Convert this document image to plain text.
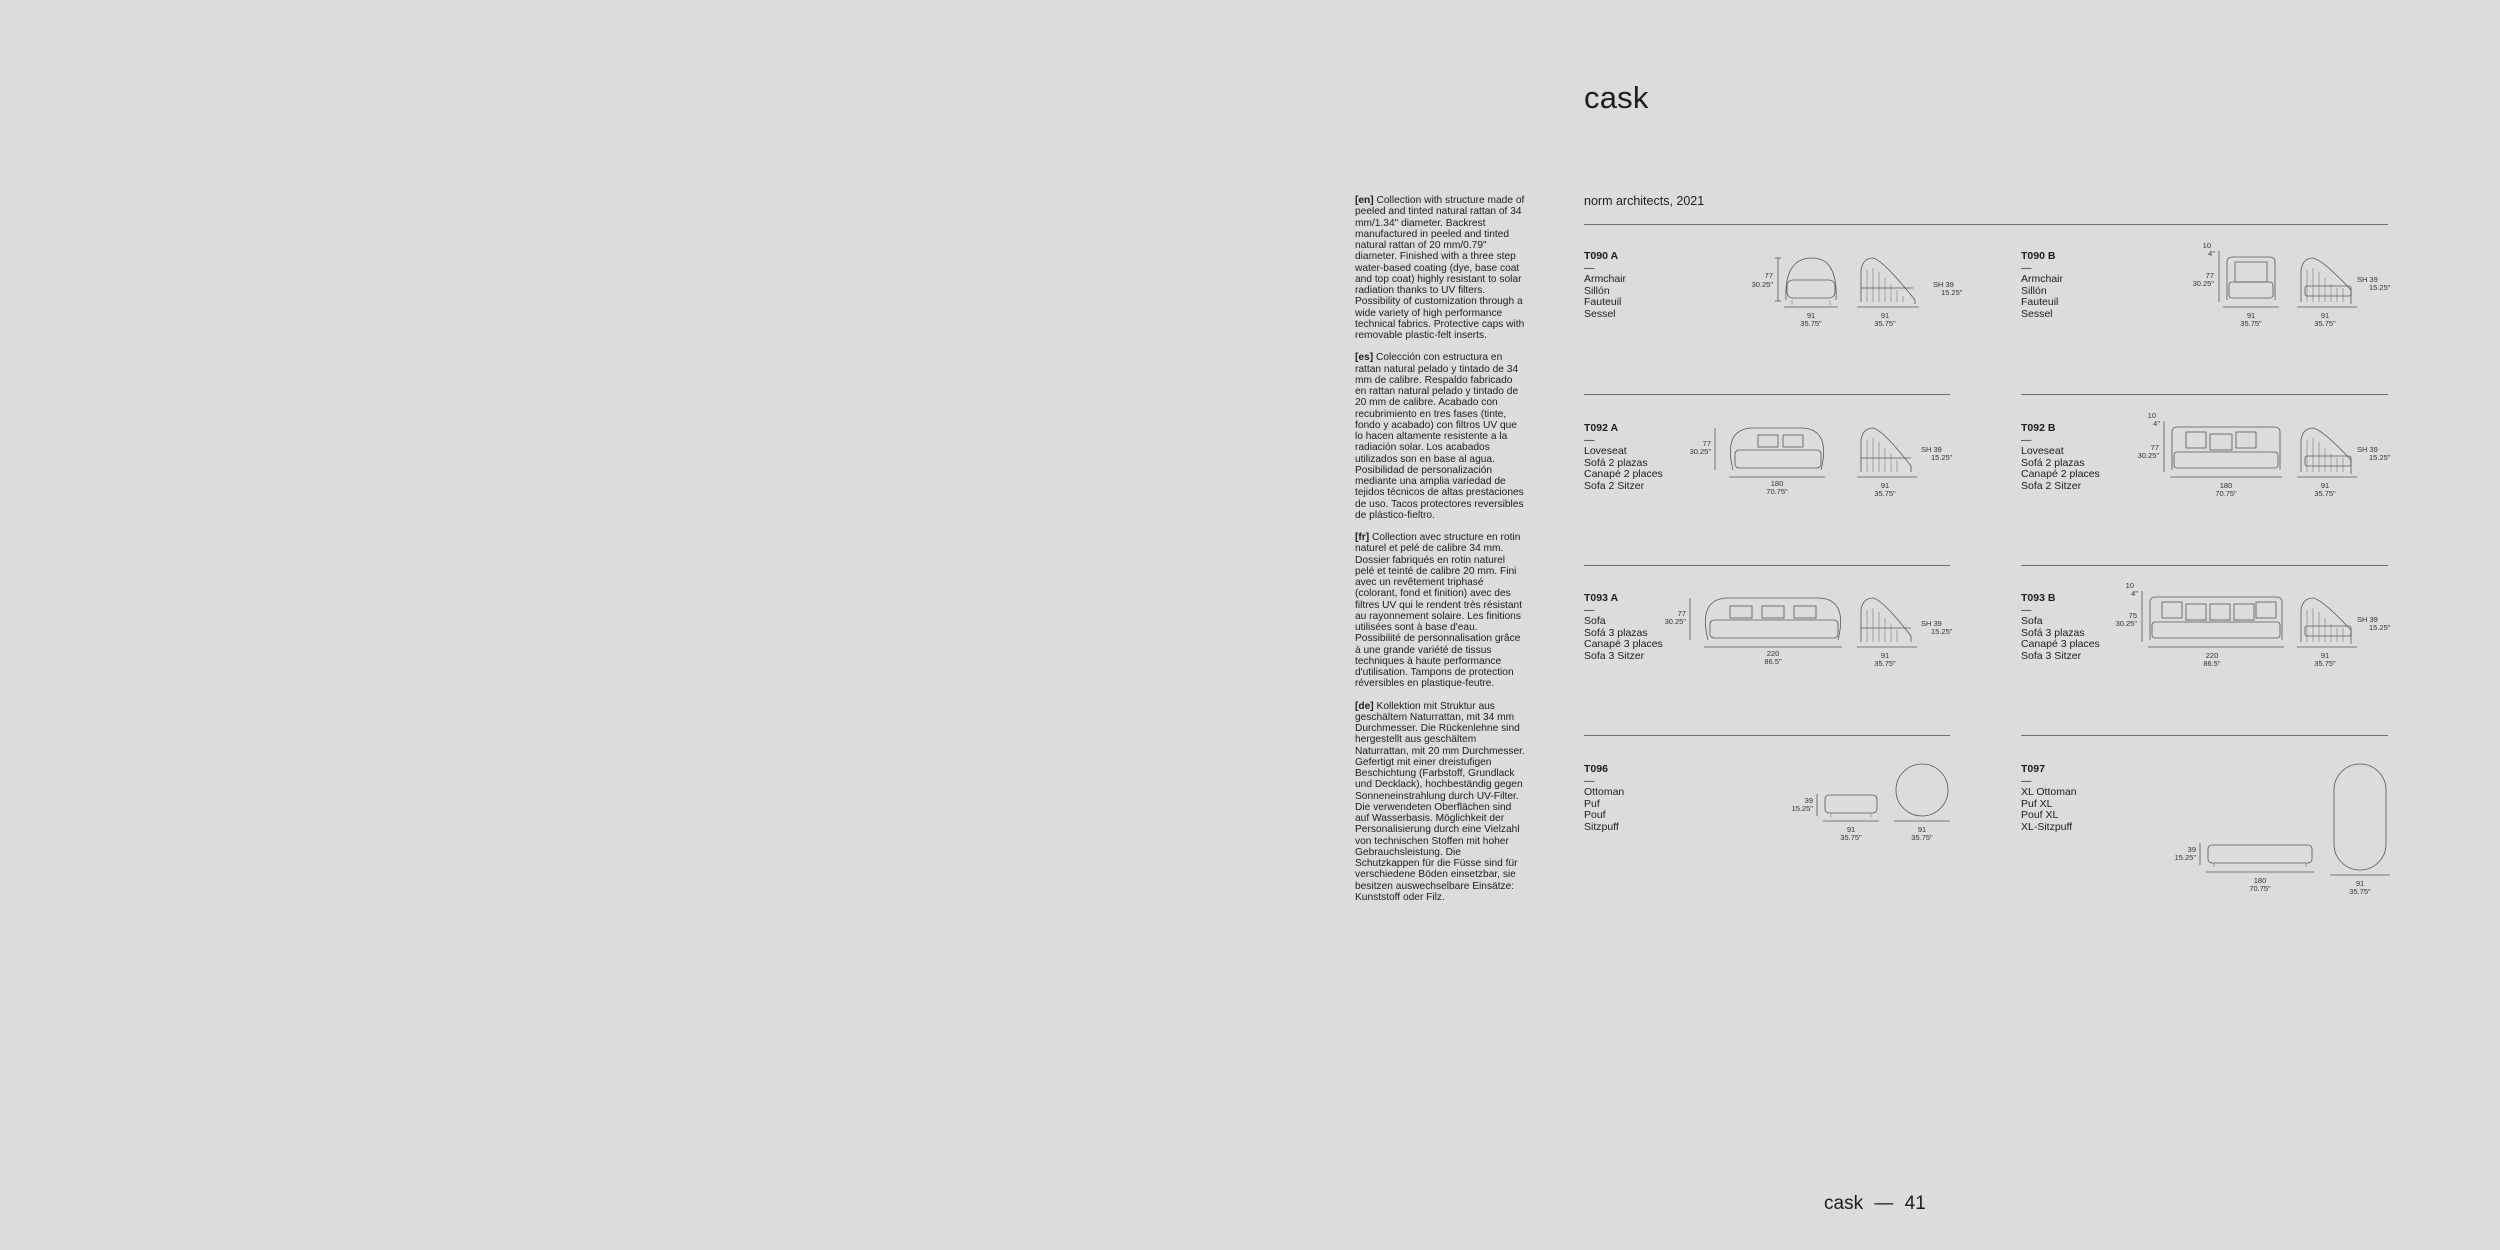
cask
norm architects, 2021

[en] Collection with structure made of peeled and tinted natural rattan of 34 mm/1.34" diameter. Backrest manufactured in peeled and tinted natural rattan of 20 mm/0.79" diameter. Finished with a three step water-based coating (dye, base coat and top coat) highly resistant to solar radiation thanks to UV filters. Possibility of customization through a wide variety of high performance technical fabrics. Protective caps with removable plastic-felt inserts.

[es] Colección con estructura en rattan natural pelado y tintado de 34 mm de calibre. Respaldo fabricado en rattan natural pelado y tintado de 20 mm de calibre. Acabado con recubrimiento en tres fases (tinte, fondo y acabado) con filtros UV que lo hacen altamente resistente a la radiación solar. Los acabados utilizados son en base al agua. Posibilidad de personalización mediante una amplia variedad de tejidos técnicos de altas prestaciones de uso. Tacos protectores reversibles de plástico-fieltro.

[fr] Collection avec structure en rotin naturel et pelé de calibre 34 mm. Dossier fabriqués en rotin naturel pelé et teinté de calibre 20 mm. Fini avec un revêtement triphasé (colorant, fond et finition) avec des filtres UV qui le rendent très résistant au rayonnement solaire. Les finitions utilisées sont à base d'eau. Possibilité de personnalisation grâce à une grande variété de tissus techniques à haute performance d'utilisation. Tampons de protection réversibles en plastique-feutre.

[de] Kollektion mit Struktur aus geschältem Naturrattan, mit 34 mm Durchmesser. Die Rückenlehne sind hergestellt aus geschältem Naturrattan, mit 20 mm Durchmesser. Gefertigt mit einer dreistufigen Beschichtung (Farbstoff, Grundlack und Decklack), hochbeständig gegen Sonneneinstrahlung durch UV-Filter. Die verwendeten Oberflächen sind auf Wasserbasis. Möglichkeit der Personalisierung durch eine Vielzahl von technischen Stoffen mit hoher Gebrauchsleistung. Die Schutzkappen für die Füsse sind für verschiedene Böden einsetzbar, sie besitzen auswechselbare Einsätze: Kunststoff oder Filz.

T090 A
—
Armchair
Sillón
Fauteuil
Sessel
T090 B
—
Armchair
Sillón
Fauteuil
Sessel
T092 A
—
Loveseat
Sofá 2 plazas
Canapé 2 places
Sofa 2 Sitzer
T092 B
—
Loveseat
Sofá 2 plazas
Canapé 2 places
Sofa 2 Sitzer
T093 A
—
Sofa
Sofá 3 plazas
Canapé 3 places
Sofa 3 Sitzer
T093 B
—
Sofa
Sofá 3 plazas
Canapé 3 places
Sofa 3 Sitzer
T096
—
Ottoman
Puf
Pouf
Sitzpuff
T097
—
XL Ottoman
Puf XL
Pouf XL
XL-Sitzpuff
77
30.25"
91
35.75"
SH 39
15.25"
91
35.75"
10
4"
77
30.25"
91
35.75"
SH 39
15.25"
91
35.75"
77
30.25"
180
70.75"
SH 39
15.25"
91
35.75"
10
4"
77
30.25"
180
70.75"
SH 39
15.25"
91
35.75"
77
30.25"
220
86.5"
SH 39
15.25"
91
35.75"
10
4"
75
30.25"
220
86.5"
SH 39
15.25"
91
35.75"
39
15.25"
91
35.75"
91
35.75"
39
15.25"
180
70.75"
91
35.75"
cask — 41
